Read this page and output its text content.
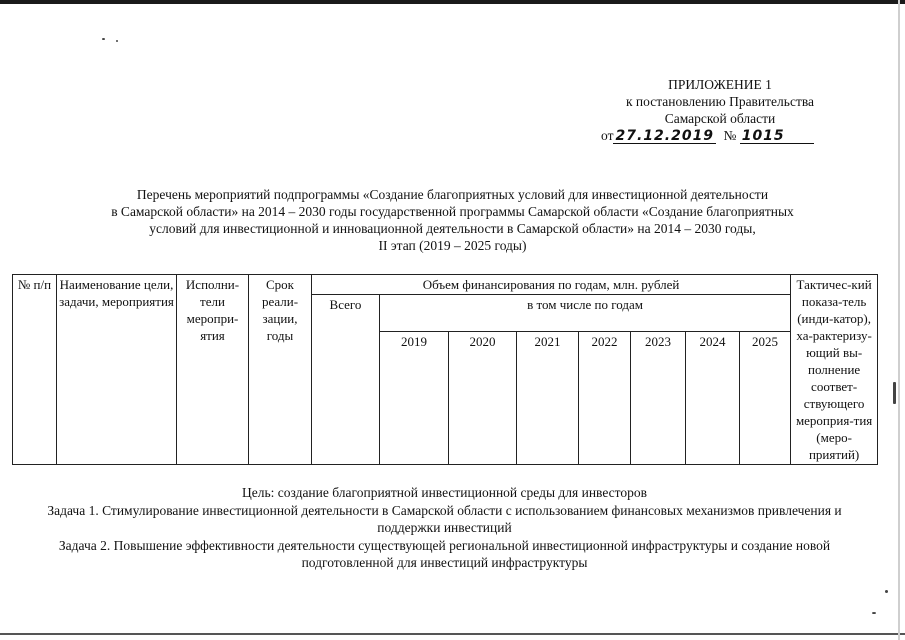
ПРИЛОЖЕНИЕ 1
к постановлению Правительства
Самарской области
от 27.12.2019 № 1015
Перечень мероприятий подпрограммы «Создание благоприятных условий для инвестиционной деятельности
в Самарской области» на 2014 – 2030 годы государственной программы Самарской области «Создание благоприятных
условий для инвестиционной и инновационной деятельности в Самарской области» на 2014 – 2030 годы,
II этап (2019 – 2025 годы)
№ п/п	Наименование цели, задачи, мероприятия	Исполни-тели меропри-ятия	Срок реали-зации, годы	Объем финансирования по годам, млн. рублей								Тактичес-кий показа-тель (инди-катор), ха-рактеризу-ющий вы-полнение соответ-ствующего мероприя-тия (меро-приятий)
				Всего	в том числе по годам							
					2019	2020	2021	2022	2023	2024	2025	
Цель: создание благоприятной инвестиционной среды для инвесторов
Задача 1. Стимулирование инвестиционной деятельности в Самарской области с использованием финансовых механизмов привлечения и поддержки инвестиций
Задача 2. Повышение эффективности деятельности существующей региональной инвестиционной инфраструктуры и создание новой подготовленной для инвестиций инфраструктуры
